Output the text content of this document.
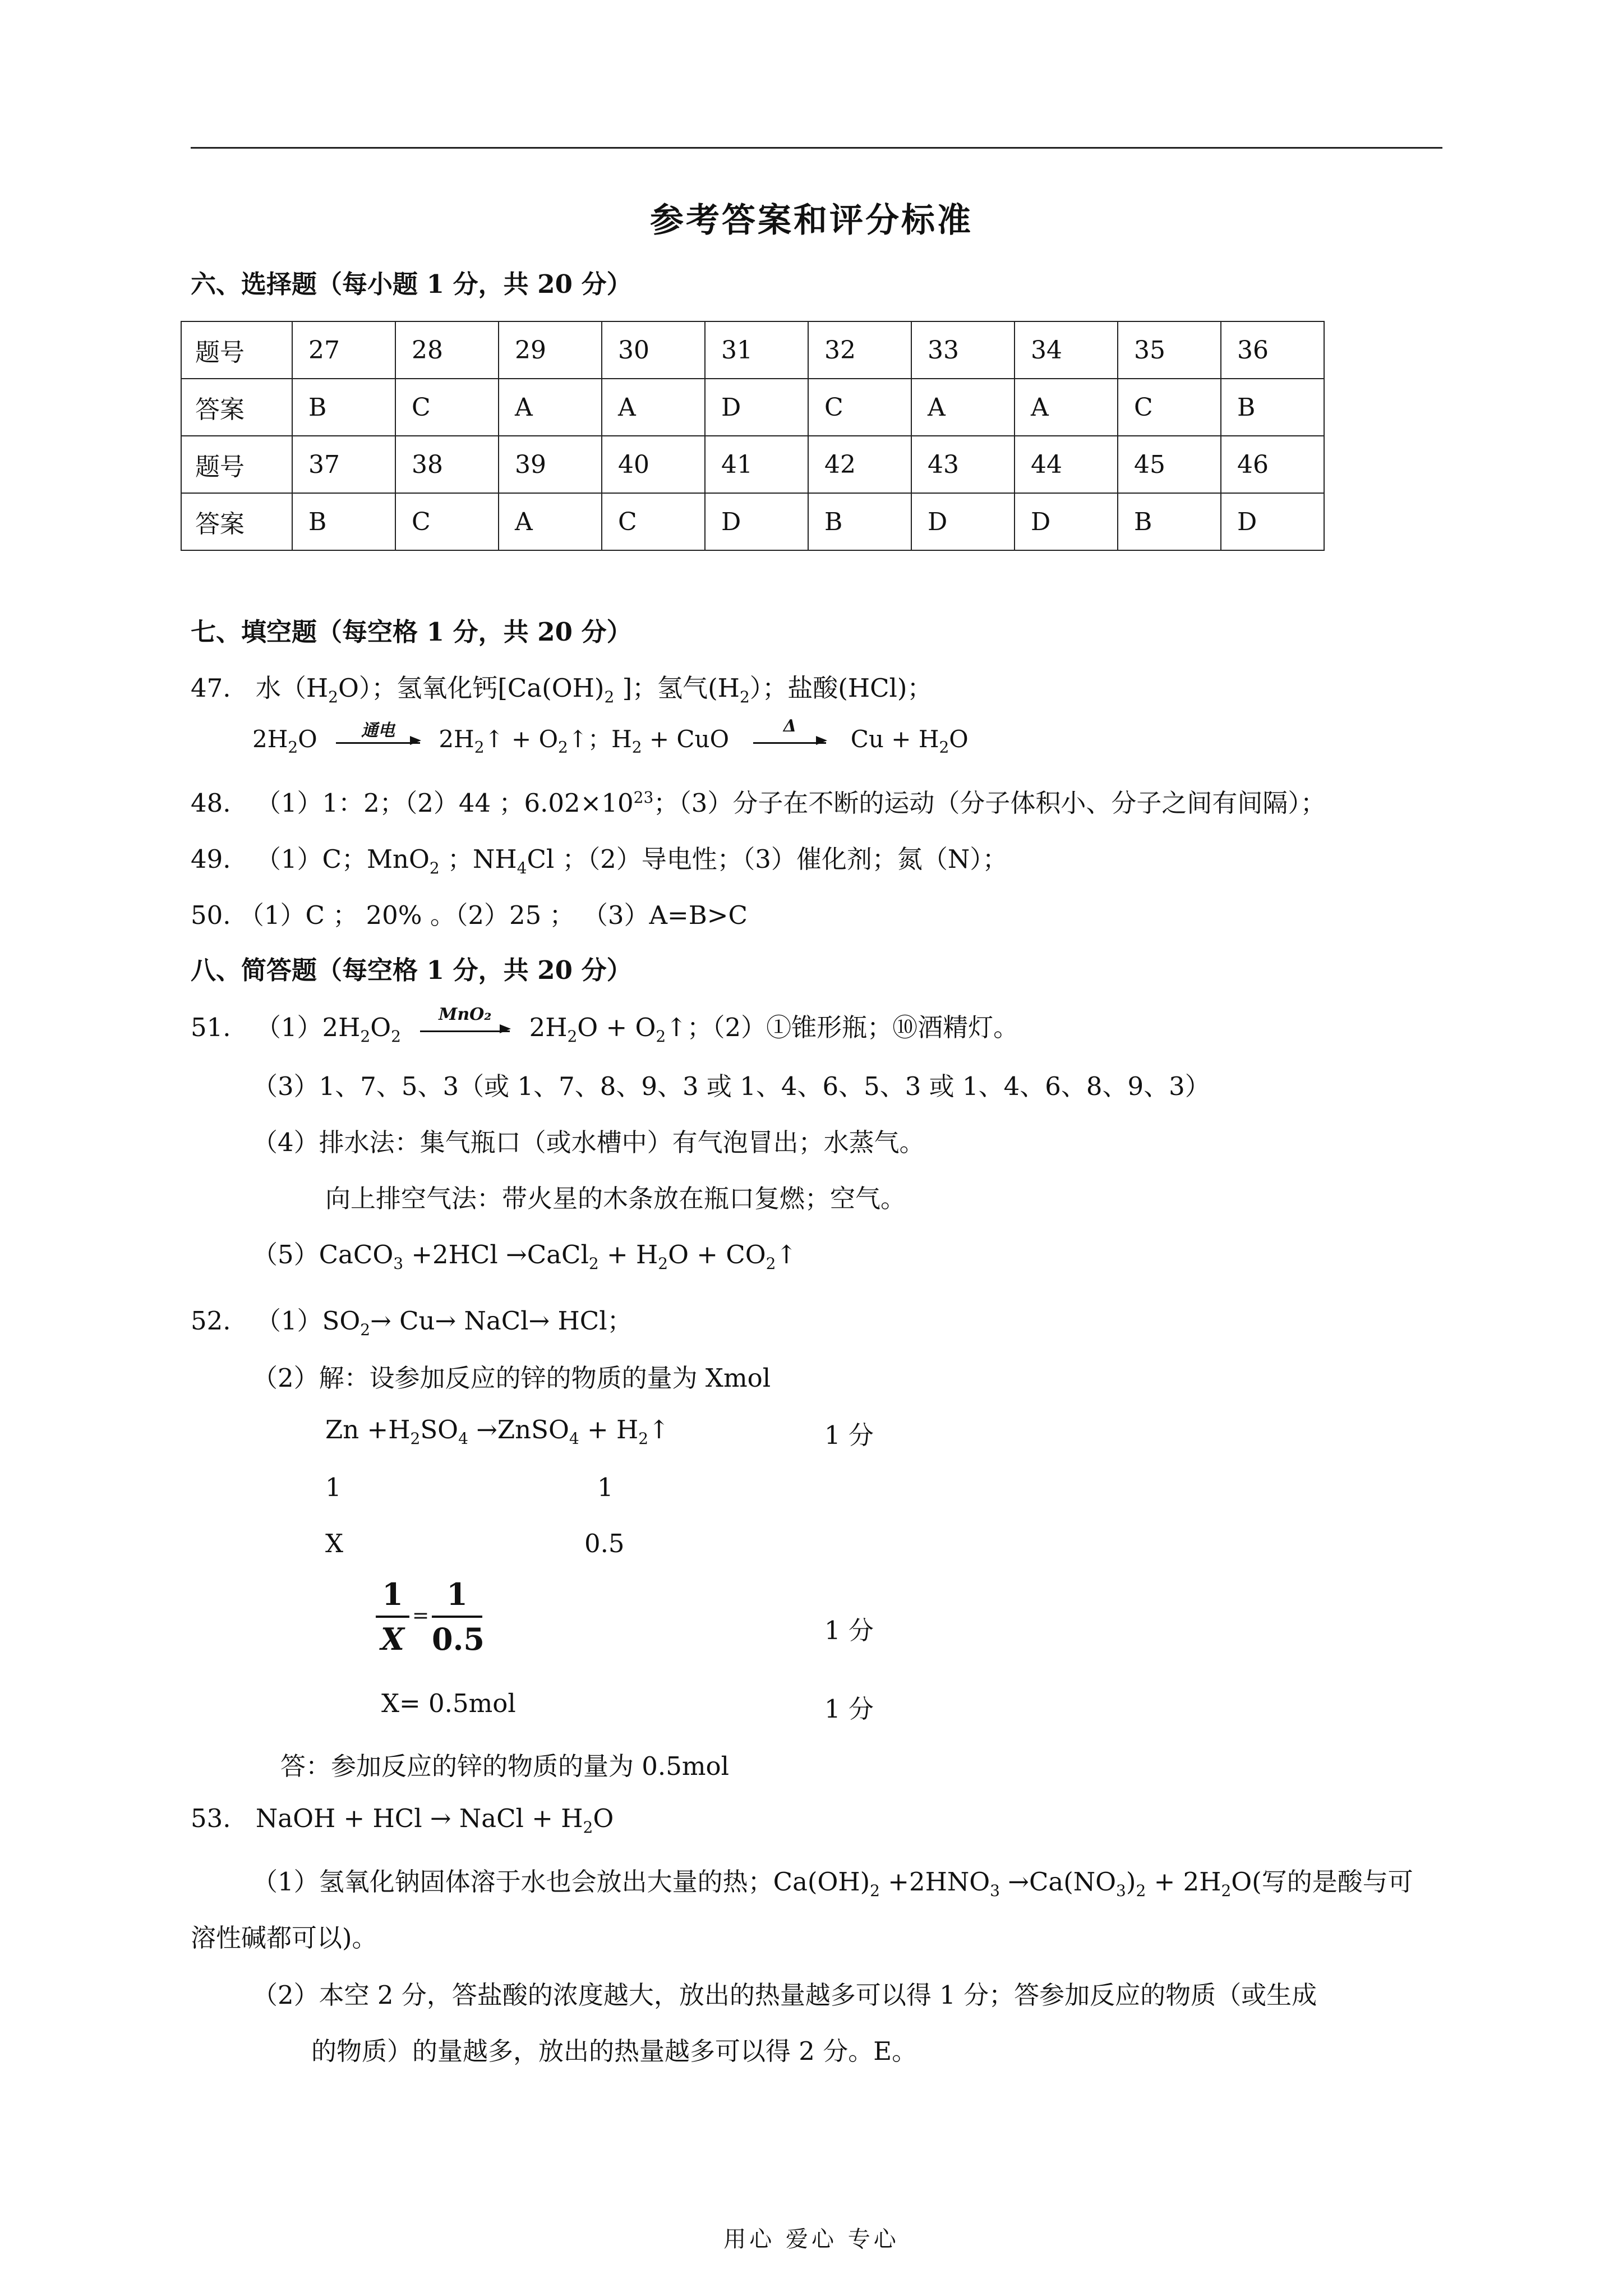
参考答案和评分标准
六、选择题（每小题 1 分，共 20 分）
题号	27	28	29	30	31	32	33	34	35	36
答案	B	C	A	A	D	C	A	A	C	B
题号	37	38	39	40	41	42	43	44	45	46
答案	B	C	A	C	D	B	D	D	B	D
七、填空题（每空格 1 分，共 20 分）
47. 水$(H_2O)$；氢氧化钙[$Ca(OH)_2$ ]；氢气$(H_2)$；盐酸(HCl)；
$2H_2O$	通电	$2H_2↑$ + $O_2↑$；$H_2$ + CuO	Δ	$Cu + H_2O$
48. （1）1：2；（2）44 ；$6.02\times 10^{23}$；（3）分子在不断的运动（分子体积小、分子之间有间隔）；
49. （1）C；MnO$_2$ ；$NH_4Cl$ ；（2）导电性；（3）催化剂；氮（N）；
50. （1）C ； 20% 。（2）25 ； （3）A=B>C
八、简答题（每空格 1 分，共 20 分）
51. $(1)2H_2O_2$
MnO₂	$2H_2O$ + $O_2↑$；（2）①锥形瓶；⑩酒精灯。
（3）1、7、5、3（或 1、7、8、9、3 或 1、4、6、5、3 或 1、4、6、8、9、3）
（4）排水法：集气瓶口（或水槽中）有气泡冒出；水蒸气。
向上排空气法：带火星的木条放在瓶口复燃；空气。
（5）CaCO$_3$ +2HCl →CaCl$_2$ + $H_2O$ + $CO_2↑$
52. $(1)SO_2\to Cu\to$ NaCl→ HCl；
（2）解：设参加反应的锌的物质的量为 Xmol
$Zn +H_2SO_4$ →ZnSO$_4$ + $H_2↑$	1 分
1	1
X	0.5
1
X
=
1
0.5	1 分
X= 0.5mol	1 分
答：参加反应的锌的物质的量为 0.5mol
53. NaOH + HCl → NaCl + $H_2O$
（1）氢氧化钠固体溶于水也会放出大量的热；$Ca(OH)_2 +2HNO_3 \to Ca(NO_3)_2 + 2H_2O$(写的是酸与可
溶性碱都可以)。
（2）本空 2 分，答盐酸的浓度越大，放出的热量越多可以得 1 分；答参加反应的物质（或生成
的物质）的量越多，放出的热量越多可以得 2 分。E。
用心 爱心 专心
